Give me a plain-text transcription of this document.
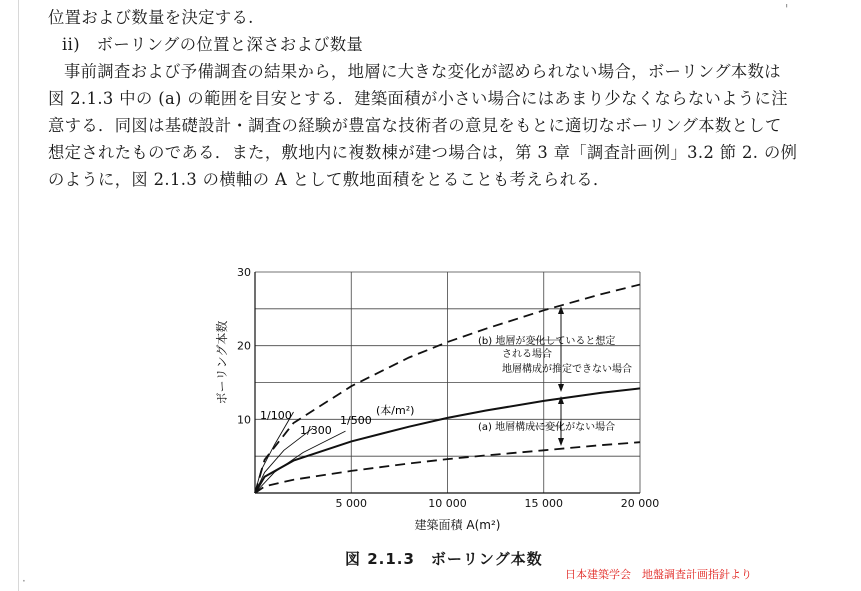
位置および数量を決定する.
ii)　ボーリングの位置と深さおよび数量
事前調査および予備調査の結果から，地層に大きな変化が認められない場合，ボーリング本数は
図 2.1.3 中の (a) の範囲を目安とする．建築面積が小さい場合にはあまり少なくならないように注
意する．同図は基礎設計・調査の経験が豊富な技術者の意見をもとに適切なボーリング本数として
想定されたものである．また，敷地内に複数棟が建つ場合は，第 3 章「調査計画例」3.2 節 2. の例
のように，図 2.1.3 の横軸の A として敷地面積をとることも考えられる．
5 000	10 000	15 000	20 000
10
20
30
建築面積 A(m²)
ボーリング本数
1/100
1/300
1/500
(本/m²)
(b) 地層が変化していると想定
される場合
地層構成が推定できない場合
(a) 地層構成に変化がない場合
図 2.1.3　ボーリング本数
日本建築学会　地盤調査計画指針より
'
·
